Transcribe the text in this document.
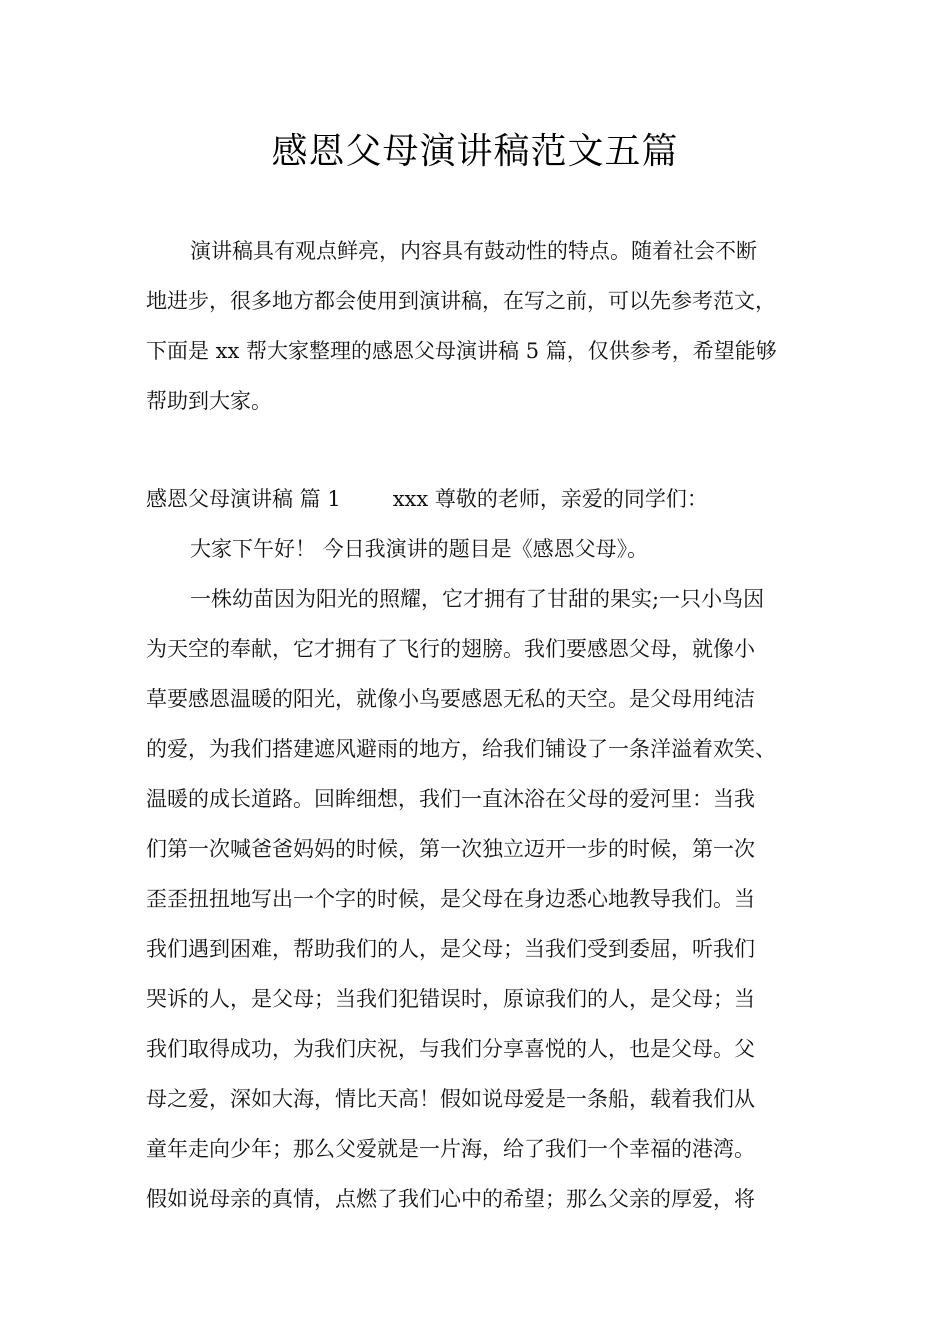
感恩父母演讲稿范文五篇
演讲稿具有观点鲜亮，内容具有鼓动性的特点。随着社会不断
地进步，很多地方都会使用到演讲稿，在写之前，可以先参考范文，
下面是 xx 帮大家整理的感恩父母演讲稿 5 篇，仅供参考，希望能够
帮助到大家。
感恩父母演讲稿 篇 1 xxx 尊敬的老师，亲爱的同学们：
大家下午好！ 今日我演讲的题目是《感恩父母》。
一株幼苗因为阳光的照耀，它才拥有了甘甜的果实;一只小鸟因
为天空的奉献，它才拥有了飞行的翅膀。我们要感恩父母，就像小
草要感恩温暖的阳光，就像小鸟要感恩无私的天空。是父母用纯洁
的爱，为我们搭建遮风避雨的地方，给我们铺设了一条洋溢着欢笑、
温暖的成长道路。回眸细想，我们一直沐浴在父母的爱河里：当我
们第一次喊爸爸妈妈的时候，第一次独立迈开一步的时候，第一次
歪歪扭扭地写出一个字的时候，是父母在身边悉心地教导我们。当
我们遇到困难，帮助我们的人，是父母；当我们受到委屈，听我们
哭诉的人，是父母；当我们犯错误时，原谅我们的人，是父母；当
我们取得成功，为我们庆祝，与我们分享喜悦的人，也是父母。父
母之爱，深如大海，情比天高！假如说母爱是一条船，载着我们从
童年走向少年；那么父爱就是一片海，给了我们一个幸福的港湾。
假如说母亲的真情，点燃了我们心中的希望；那么父亲的厚爱，将
